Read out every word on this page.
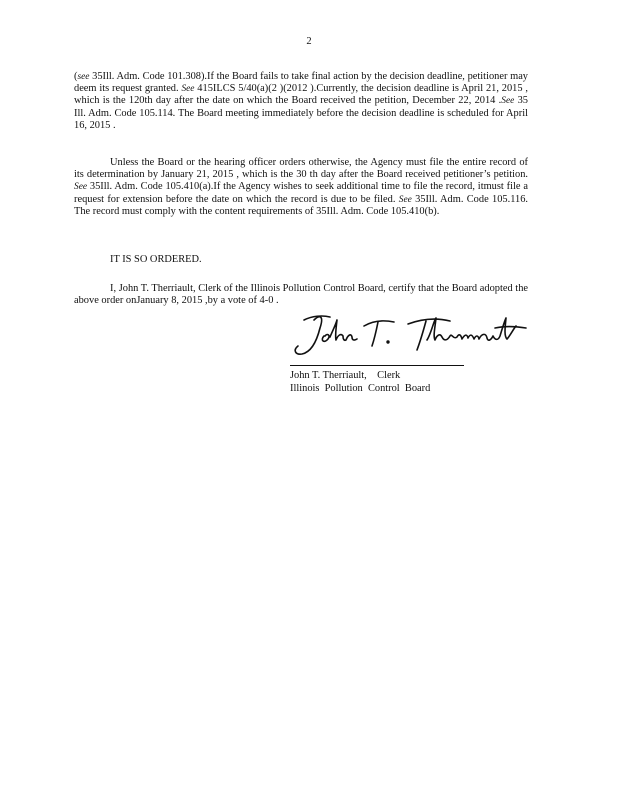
2

(see 35Ill. Adm. Code 101.308).If the Board fails to take final action by the decision deadline, petitioner may deem its request granted. See 415ILCS 5/40(a)(2 )(2012 ).Currently, the decision deadline is April 21, 2015 , which is the 120th day after the date on which the Board received the petition, December 22, 2014 .See 35 Ill. Adm. Code 105.114. The Board meeting immediately before the decision deadline is scheduled for April 16, 2015 .

Unless the Board or the hearing officer orders otherwise, the Agency must file the entire record of its determination by January 21, 2015 , which is the 30 th day after the Board received petitioner’s petition. See 35Ill. Adm. Code 105.410(a).If the Agency wishes to seek additional time to file the record, itmust file a request for extension before the date on which the record is due to be filed. See 35Ill. Adm. Code 105.116. The record must comply with the content requirements of 35Ill. Adm. Code 105.410(b).

IT IS SO ORDERED.

I, John T. Therriault, Clerk of the Illinois Pollution Control Board, certify that the Board adopted the above order onJanuary 8, 2015 ,by a vote of 4-0 .

John T. Therriault,    Clerk
Illinois  Pollution  Control  Board
